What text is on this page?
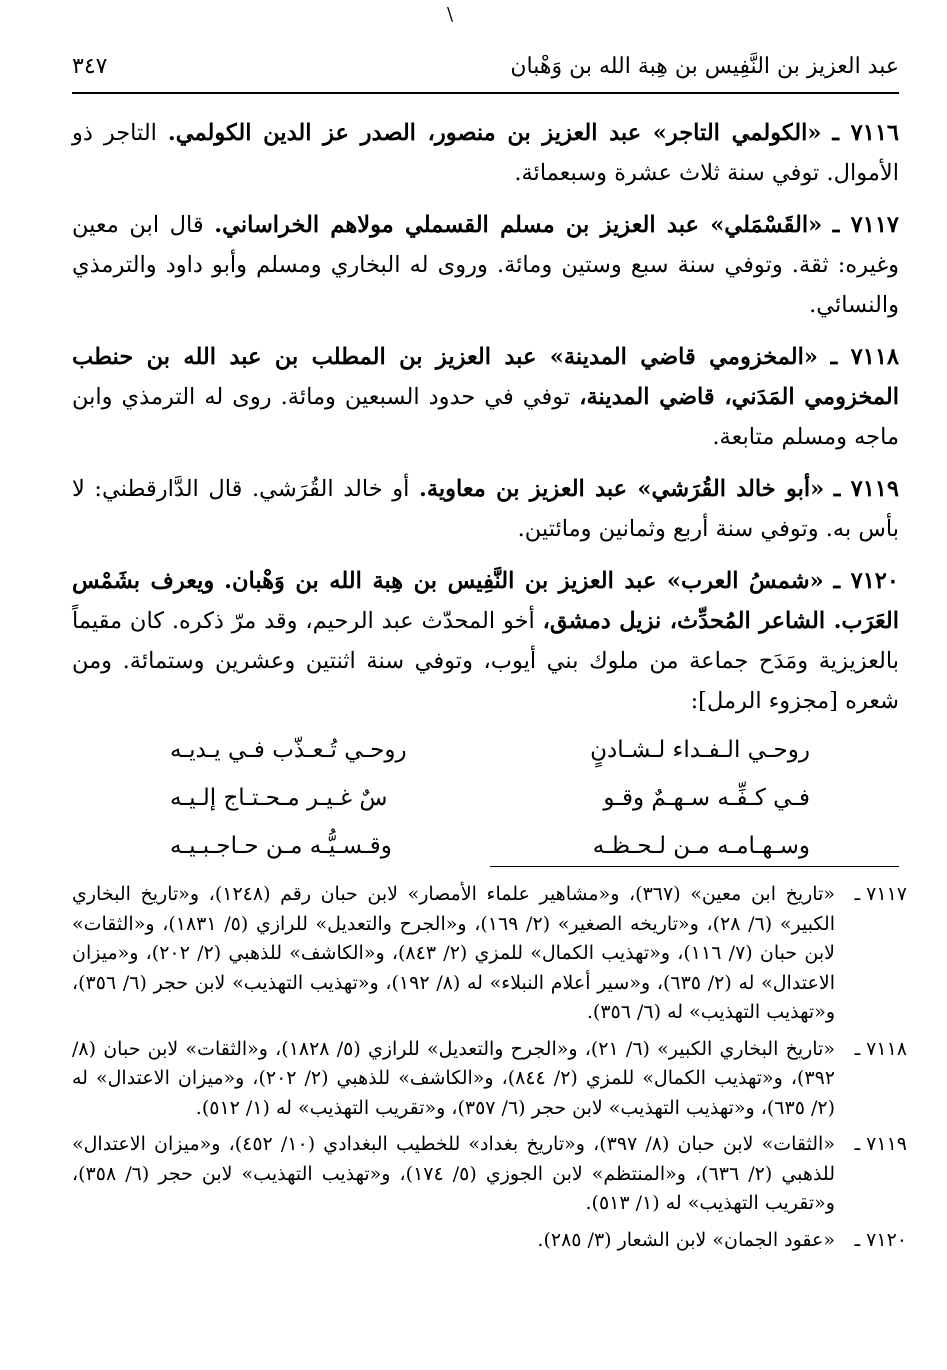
\
عبد العزيز بن النَّفِيس بن هِبة الله بن وَهْبان
٣٤٧

٧١١٦ ـ «الكولمي التاجر» عبد العزيز بن منصور، الصدر عز الدين الكولمي. التاجر ذو الأموال. توفي سنة ثلاث عشرة وسبعمائة.

٧١١٧ ـ «القَسْمَلي» عبد العزيز بن مسلم القسملي مولاهم الخراساني. قال ابن معين وغيره: ثقة. وتوفي سنة سبع وستين ومائة. وروى له البخاري ومسلم وأبو داود والترمذي والنسائي.

٧١١٨ ـ «المخزومي قاضي المدينة» عبد العزيز بن المطلب بن عبد الله بن حنطب المخزومي المَدَني، قاضي المدينة، توفي في حدود السبعين ومائة. روى له الترمذي وابن ماجه ومسلم متابعة.

٧١١٩ ـ «أبو خالد القُرَشي» عبد العزيز بن معاوية. أو خالد القُرَشي. قال الدَّارقطني: لا بأس به. وتوفي سنة أربع وثمانين ومائتين.

٧١٢٠ ـ «شمسُ العرب» عبد العزيز بن النَّفِيس بن هِبة الله بن وَهْبان. ويعرف بشَمْس العَرَب. الشاعر المُحدِّث، نزيل دمشق، أخو المحدّث عبد الرحيم، وقد مرّ ذكره. كان مقيماً بالعزيزية ومَدَح جماعة من ملوك بني أيوب، وتوفي سنة اثنتين وعشرين وستمائة. ومن شعره [مجزوء الرمل]:

روحـي الـفـداء لـشـادنٍ
روحـي تُـعـذّب فـي يـديـه
فـي كـفِّـه سـهـمٌ وقـو
سٌ غـيـر مـحـتـاج إلـيـه
وسـهـامـه مـن لـحـظـه
وقـسـيُّـه مـن حـاجـبـيـه
٧١١٧ ـ
«تاريخ ابن معين» (٣٦٧)، و«مشاهير علماء الأمصار» لابن حبان رقم (١٢٤٨)، و«تاريخ البخاري الكبير» (٦/ ٢٨)، و«تاريخه الصغير» (٢/ ١٦٩)، و«الجرح والتعديل» للرازي (٥/ ١٨٣١)، و«الثقات» لابن حبان (٧/ ١١٦)، و«تهذيب الكمال» للمزي (٢/ ٨٤٣)، و«الكاشف» للذهبي (٢/ ٢٠٢)، و«ميزان الاعتدال» له (٢/ ٦٣٥)، و«سير أعلام النبلاء» له (٨/ ١٩٢)، و«تهذيب التهذيب» لابن حجر (٦/ ٣٥٦)، و«تهذيب التهذيب» له (٦/ ٣٥٦).
٧١١٨ ـ
«تاريخ البخاري الكبير» (٦/ ٢١)، و«الجرح والتعديل» للرازي (٥/ ١٨٢٨)، و«الثقات» لابن حبان (٨/ ٣٩٢)، و«تهذيب الكمال» للمزي (٢/ ٨٤٤)، و«الكاشف» للذهبي (٢/ ٢٠٢)، و«ميزان الاعتدال» له (٢/ ٦٣٥)، و«تهذيب التهذيب» لابن حجر (٦/ ٣٥٧)، و«تقريب التهذيب» له (١/ ٥١٢).
٧١١٩ ـ
«الثقات» لابن حبان (٨/ ٣٩٧)، و«تاريخ بغداد» للخطيب البغدادي (١٠/ ٤٥٢)، و«ميزان الاعتدال» للذهبي (٢/ ٦٣٦)، و«المنتظم» لابن الجوزي (٥/ ١٧٤)، و«تهذيب التهذيب» لابن حجر (٦/ ٣٥٨)، و«تقريب التهذيب» له (١/ ٥١٣).
٧١٢٠ ـ
«عقود الجمان» لابن الشعار (٣/ ٢٨٥).
